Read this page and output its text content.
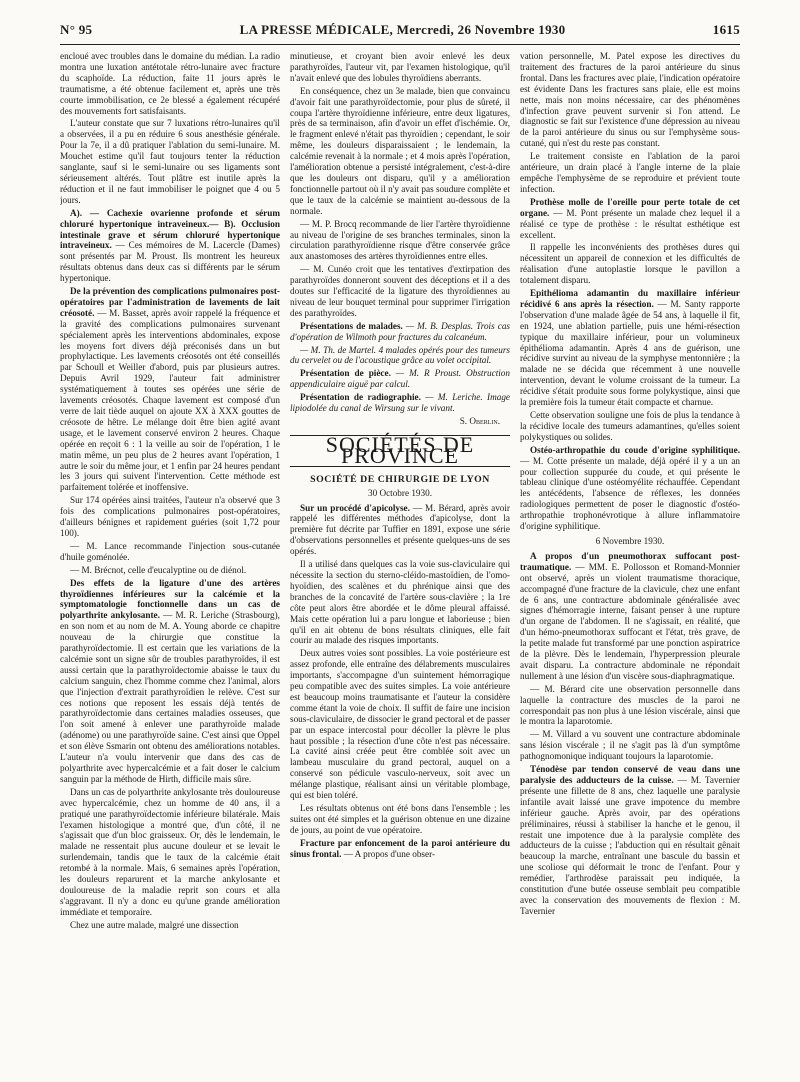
N° 95	LA PRESSE MÉDICALE, Mercredi, 26 Novembre 1930	1615

encloué avec troubles dans le domaine du médian. La radio montra une luxation antétotale rétro-lunaire avec fracture du scaphoïde. La réduction, faite 11 jours après le traumatisme, a été obtenue facilement et, après une très courte immobilisation, ce 2e blessé a également récupéré des mouvements fort satisfaisants.

L'auteur constate que sur 7 luxations rétro-lunaires qu'il a observées, il a pu en réduire 6 sous anesthésie générale. Pour la 7e, il a dû pratiquer l'ablation du semi-lunaire. M. Mouchet estime qu'il faut toujours tenter la réduction sanglante, sauf si le semi-lunaire ou ses ligaments sont sérieusement altérés. Tout plâtre est inutile après la réduction et il ne faut immobiliser le poignet que 4 ou 5 jours.

A). — Cachexie ovarienne profonde et sérum chloruré hypertonique intraveineux.— B). Occlusion intestinale grave et sérum chloruré hypertonique intraveineux. — Ces mémoires de M. Lacercle (Dames) sont présentés par M. Proust. Ils montrent les heureux résultats obtenus dans deux cas si différents par le sérum hypertonique.

De la prévention des complications pulmonaires post-opératoires par l'administration de lavements de lait créosoté. — M. Basset, après avoir rappelé la fréquence et la gravité des complications pulmonaires survenant spécialement après les interventions abdominales, expose les moyens fort divers déjà préconisés dans un but prophylactique. Les lavements créosotés ont été conseillés par Schoull et Weiller d'abord, puis par plusieurs autres. Depuis Avril 1929, l'auteur fait administrer systématiquement à toutes ses opérées une série de lavements créosotés. Chaque lavement est composé d'un verre de lait tiède auquel on ajoute XX à XXX gouttes de créosote de hêtre. Le mélange doit être bien agité avant usage, et le lavement conservé environ 2 heures. Chaque opérée en reçoit 6 : 1 la veille au soir de l'opération, 1 le matin même, un peu plus de 2 heures avant l'opération, 1 autre le soir du même jour, et 1 enfin par 24 heures pendant les 3 jours qui suivent l'intervention. Cette méthode est parfaitement tolérée et inoffensive.

Sur 174 opérées ainsi traitées, l'auteur n'a observé que 3 fois des complications pulmonaires post-opératoires, d'ailleurs bénignes et rapidement guéries (soit 1,72 pour 100).

— M. Lance recommande l'injection sous-cutanée d'huile goménolée.

— M. Brécnot, celle d'eucalyptine ou de diénol.

Des effets de la ligature d'une des artères thyroïdiennes inférieures sur la calcémie et la symptomatologie fonctionnelle dans un cas de polyarthrite ankylosante. — M. R. Leriche (Strasbourg), en son nom et au nom de M. A. Young aborde ce chapitre nouveau de la chirurgie que constitue la parathyroïdectomie. Il est certain que les variations de la calcémie sont un signe sûr de troubles parathyroïdes, il est aussi certain que la parathyroïdectomie abaisse le taux du calcium sanguin, chez l'homme comme chez l'animal, alors que l'injection d'extrait parathyroïdien le relève. C'est sur ces notions que reposent les essais déjà tentés de parathyroïdectomie dans certaines maladies osseuses, que l'on soit amené à enlever une parathyroïde malade (adénome) ou une parathyroïde saine. C'est ainsi que Oppel et son élève Ssmarin ont obtenu des améliorations notables. L'auteur n'a voulu intervenir que dans des cas de polyarthrite avec hypercalcémie et a fait doser le calcium sanguin par la méthode de Hirth, difficile mais sûre.

Dans un cas de polyarthrite ankylosante très douloureuse avec hypercalcémie, chez un homme de 40 ans, il a pratiqué une parathyroïdectomie inférieure bilatérale. Mais l'examen histologique a montré que, d'un côté, il ne s'agissait que d'un bloc graisseux. Or, dès le lendemain, le malade ne ressentait plus aucune douleur et se levait le surlendemain, tandis que le taux de la calcémie était retombé à la normale. Mais, 6 semaines après l'opération, les douleurs reparurent et la marche ankylosante et douloureuse de la maladie reprit son cours et alla s'aggravant. Il n'y a donc eu qu'une grande amélioration immédiate et temporaire.

Chez une autre malade, malgré une dissection

minutieuse, et croyant bien avoir enlevé les deux parathyroïdes, l'auteur vit, par l'examen histologique, qu'il n'avait enlevé que des lobules thyroïdiens aberrants.

En conséquence, chez un 3e malade, bien que convaincu d'avoir fait une parathyroïdectomie, pour plus de sûreté, il coupa l'artère thyroïdienne inférieure, entre deux ligatures, près de sa terminaison, afin d'avoir un effet d'ischémie. Or, le fragment enlevé n'était pas thyroïdien ; cependant, le soir même, les douleurs disparaissaient ; le lendemain, la calcémie revenait à la normale ; et 4 mois après l'opération, l'amélioration obtenue a persisté intégralement, c'est-à-dire que les douleurs ont disparu, qu'il y a amélioration fonctionnelle partout où il n'y avait pas soudure complète et que le taux de la calcémie se maintient au-dessous de la normale.

— M. P. Brocq recommande de lier l'artère thyroïdienne au niveau de l'origine de ses branches terminales, sinon la circulation parathyroïdienne risque d'être conservée grâce aux anastomoses des artères thyroïdiennes entre elles.

— M. Cunéo croit que les tentatives d'extirpation des parathyroïdes donneront souvent des déceptions et il a des doutes sur l'efficacité de la ligature des thyroïdiennes au niveau de leur bouquet terminal pour supprimer l'irrigation des parathyroïdes.

Présentations de malades. — M. B. Desplas. Trois cas d'opération de Wilmoth pour fractures du calcanéum.

— M. Th. de Martel. 4 malades opérés pour des tumeurs du cervelet ou de l'acoustique grâce au volet occipital.

Présentation de pièce. — M. R Proust. Obstruction appendiculaire aiguë par calcul.

Présentation de radiographie. — M. Leriche. Image lipiodolée du canal de Wirsung sur le vivant.

S. Oberlin.
SOCIÉTÉS DE PROVINCE
SOCIÉTÉ DE CHIRURGIE DE LYON
30 Octobre 1930.

Sur un procédé d'apicolyse. — M. Bérard, après avoir rappelé les différentes méthodes d'apicolyse, dont la première fut décrite par Tuffier en 1891, expose une série d'observations personnelles et présente quelques-uns de ses opérés.

Il a utilisé dans quelques cas la voie sus-claviculaire qui nécessite la section du sterno-cléido-mastoïdien, de l'omo-hyoïdien, des scalènes et du phrénique ainsi que des branches de la concavité de l'artère sous-clavière ; la 1re côte peut alors être abordée et le dôme pleural affaissé. Mais cette opération lui a paru longue et laborieuse ; bien qu'il en ait obtenu de bons résultats cliniques, elle fait courir au malade des risques importants.

Deux autres voies sont possibles. La voie postérieure est assez profonde, elle entraîne des délabrements musculaires importants, s'accompagne d'un suintement hémorragique peu compatible avec des suites simples. La voie antérieure est beaucoup moins traumatisante et l'auteur la considère comme étant la voie de choix. Il suffit de faire une incision sous-claviculaire, de dissocier le grand pectoral et de passer par un espace intercostal pour décoller la plèvre le plus haut possible ; la résection d'une côte n'est pas nécessaire. La cavité ainsi créée peut être comblée soit avec un lambeau musculaire du grand pectoral, auquel on a conservé son pédicule vasculo-nerveux, soit avec un mélange plastique, réalisant ainsi un véritable plombage, qui est bien toléré.

Les résultats obtenus ont été bons dans l'ensemble ; les suites ont été simples et la guérison obtenue en une dizaine de jours, au point de vue opératoire.

Fracture par enfoncement de la paroi antérieure du sinus frontal. — A propos d'une obser-

vation personnelle, M. Patel expose les directives du traitement des fractures de la paroi antérieure du sinus frontal. Dans les fractures avec plaie, l'indication opératoire est évidente Dans les fractures sans plaie, elle est moins nette, mais non moins nécessaire, car des phénomènes d'infection grave peuvent survenir si l'on attend. Le diagnostic se fait sur l'existence d'une dépression au niveau de la paroi antérieure du sinus ou sur l'emphysème sous-cutané, qui n'est du reste pas constant.

Le traitement consiste en l'ablation de la paroi antérieure, un drain placé à l'angle interne de la plaie empêche l'emphysème de se reproduire et prévient toute infection.

Prothèse molle de l'oreille pour perte totale de cet organe. — M. Pont présente un malade chez lequel il a réalisé ce type de prothèse : le résultat esthétique est excellent.

Il rappelle les inconvénients des prothèses dures qui nécessitent un appareil de connexion et les difficultés de réalisation d'une autoplastie lorsque le pavillon a totalement disparu.

Epithélioma adamantin du maxillaire inférieur récidivé 6 ans après la résection. — M. Santy rapporte l'observation d'une malade âgée de 54 ans, à laquelle il fit, en 1924, une ablation partielle, puis une hémi-résection typique du maxillaire inférieur, pour un volumineux épithélioma adamantin. Après 4 ans de guérison, une récidive survint au niveau de la symphyse mentonnière ; la malade ne se décida que récemment à une nouvelle intervention, devant le volume croissant de la tumeur. La récidive s'était produite sous forme polykystique, ainsi que la première fois la tumeur était compacte et charnue.

Cette observation souligne une fois de plus la tendance à la récidive locale des tumeurs adamantines, qu'elles soient polykystiques ou solides.

Ostéo-arthropathie du coude d'origine syphilitique. — M. Cotte présente un malade, déjà opéré il y a un an pour collection suppurée du coude, et qui présente le tableau clinique d'une ostéomyélite réchauffée. Cependant les antécédents, l'absence de réflexes, les données radiologiques permettent de poser le diagnostic d'ostéo-arthropathie trophonévrotique à allure inflammatoire d'origine syphilitique.

6 Novembre 1930.

A propos d'un pneumothorax suffocant post-traumatique. — MM. E. Pollosson et Romand-Monnier ont observé, après un violent traumatisme thoracique, accompagné d'une fracture de la clavicule, chez une enfant de 6 ans, une contracture abdominale généralisée avec signes d'hémorragie interne, faisant penser à une rupture d'un organe de l'abdomen. Il ne s'agissait, en réalité, que d'un hémo-pneumothorax suffocant et l'état, très grave, de la petite malade fut transformé par une ponction aspiratrice de la plèvre. Dès le lendemain, l'hyperpression pleurale avait disparu. La contracture abdominale ne répondait nullement à une lésion d'un viscère sous-diaphragmatique.

— M. Bérard cite une observation personnelle dans laquelle la contracture des muscles de la paroi ne correspondait pas non plus à une lésion viscérale, ainsi que le montra la laparotomie.

— M. Villard a vu souvent une contracture abdominale sans lésion viscérale ; il ne s'agit pas là d'un symptôme pathognomonique indiquant toujours la laparotomie.

Ténodèse par tendon conservé de veau dans une paralysie des adducteurs de la cuisse. — M. Tavernier présente une fillette de 8 ans, chez laquelle une paralysie infantile avait laissé une grave impotence du membre inférieur gauche. Après avoir, par des opérations préliminaires, réussi à stabiliser la hanche et le genou, il restait une impotence due à la paralysie complète des adducteurs de la cuisse ; l'abduction qui en résultait gênait beaucoup la marche, entraînant une bascule du bassin et une scoliose qui déformait le tronc de l'enfant. Pour y remédier, l'arthrodèse paraissait peu indiquée, la constitution d'une butée osseuse semblait peu compatible avec la conservation des mouvements de flexion : M. Tavernier
